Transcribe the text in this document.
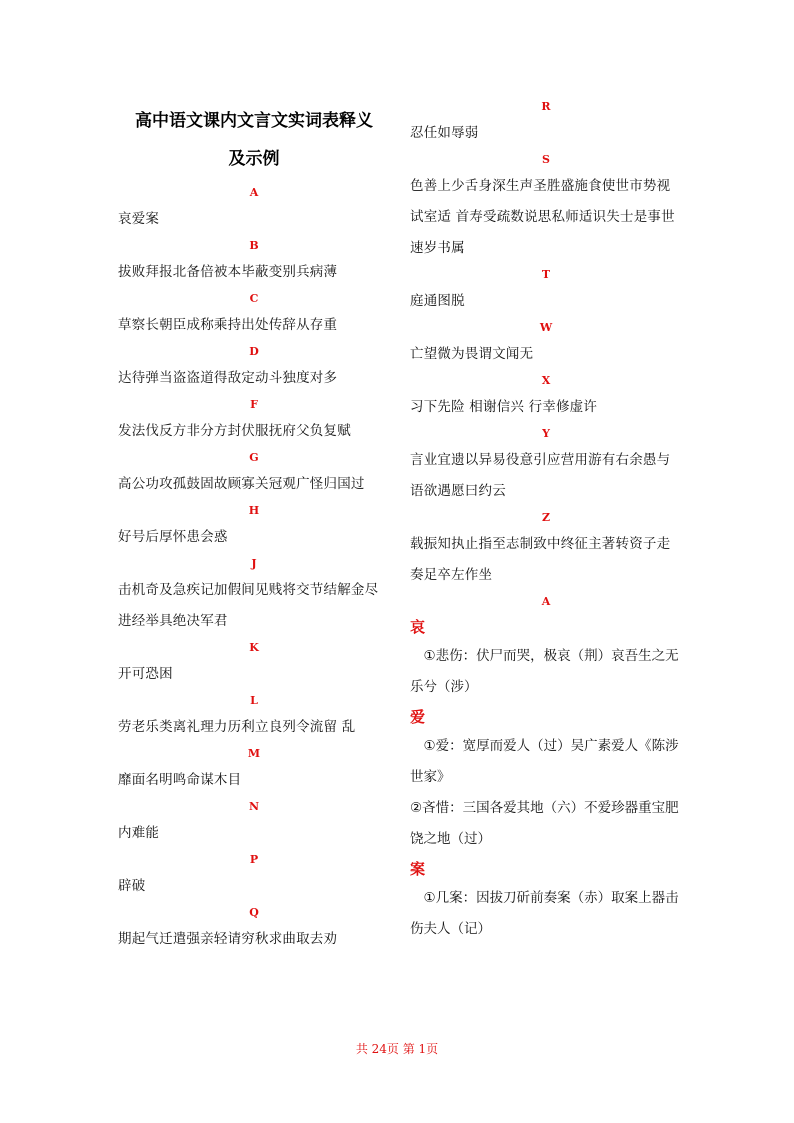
高中语文课内文言文实词表释义
及示例
A
哀爱案
B
拔败拜报北备倍被本毕蔽变别兵病薄
C
草察长朝臣成称乘持出处传辞从存重
D
达待弹当盗盗道得敌定动斗独度对多
F
发法伐反方非分方封伏服抚府父负复赋
G
高公功攻孤鼓固故顾寡关冠观广怪归国过
H
好号后厚怀患会惑
J
击机奇及急疾记加假间见贱将交节结解金尽进经举具绝决军君
K
开可恐困
L
劳老乐类离礼理力历利立良列令流留 乱
M
靡面名明鸣命谋木目
N
内难能
P
辟破
Q
期起气迁遣强亲轻请穷秋求曲取去劝
R
忍任如辱弱
S
色善上少舌身深生声圣胜盛施食使世市势视试室适 首寿受疏数说思私师适识失士是事世速岁书属
T
庭通图脱
W
亡望微为畏谓文闻无
X
习下先险 相谢信兴 行幸修虚许
Y
言业宜遗以异易役意引应营用游有右余愚与语欲遇愿曰约云
Z
载振知执止指至志制致中终征主著转资子走奏足卒左作坐
A
哀
①悲伤：伏尸而哭，极哀（荆）哀吾生之无乐兮（涉）
爱
①爱：宽厚而爱人（过）吴广素爱人《陈涉世家》
②吝惜：三国各爱其地（六）不爱珍器重宝肥饶之地（过）
案
①几案：因拔刀斫前奏案（赤）取案上器击伤夫人（记）
共 24页 第 1页
